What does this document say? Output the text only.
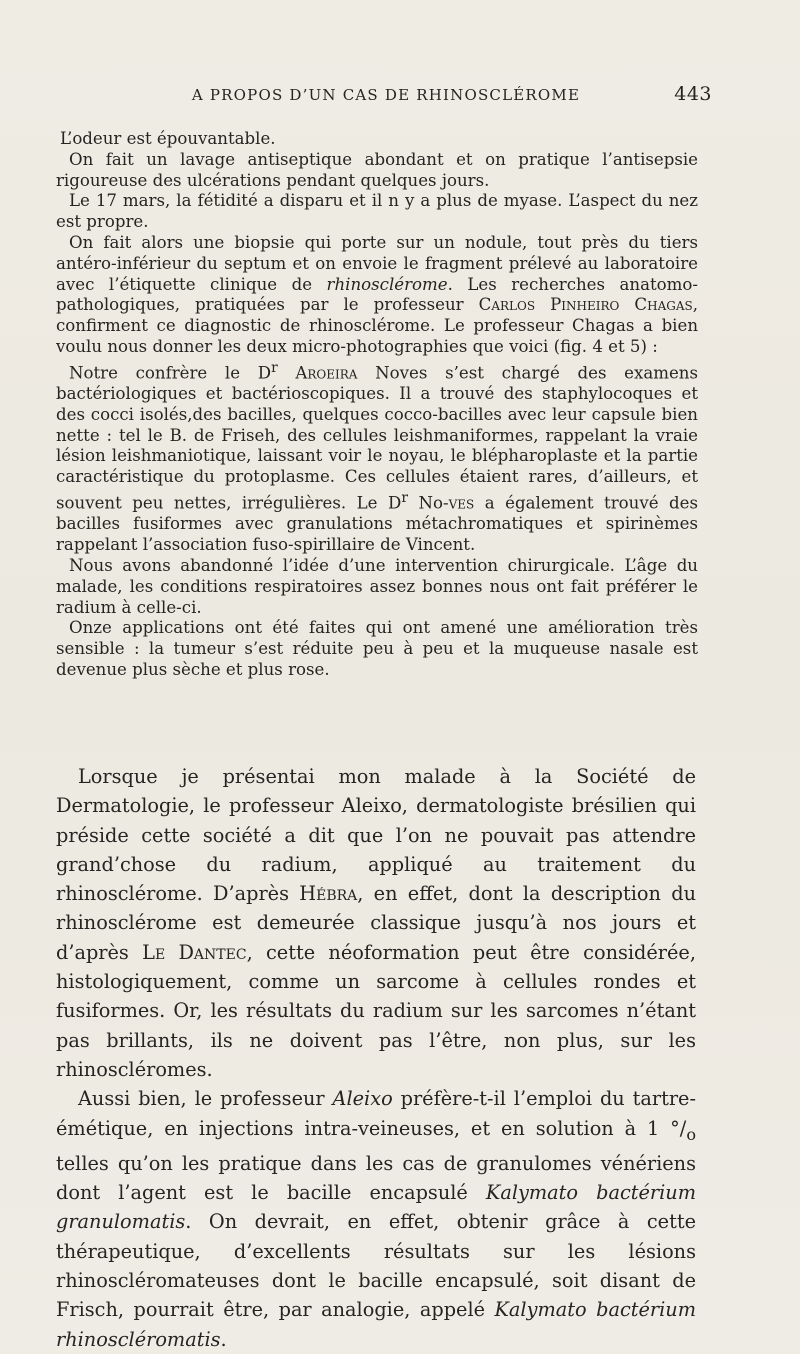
A PROPOS D’UN CAS DE RHINOSCLÉROME	443

L’odeur est épouvantable.

On fait un lavage antiseptique abondant et on pratique l’antisepsie rigoureuse des ulcérations pendant quelques jours.

Le 17 mars, la fétidité a disparu et il n y a plus de myase. L’aspect du nez est propre.

On fait alors une biopsie qui porte sur un nodule, tout près du tiers antéro-inférieur du septum et on envoie le fragment prélevé au laboratoire avec l’étiquette clinique de rhinosclérome. Les recherches anatomo-pathologiques, pratiquées par le professeur Carlos Pinheiro Chagas, confirment ce diagnostic de rhinosclérome. Le professeur Chagas a bien voulu nous donner les deux micro-photographies que voici (fig. 4 et 5) :

Notre confrère le $D^r$ Aroeira Noves s’est chargé des examens bactériologiques et bactérioscopiques. Il a trouvé des staphylocoques et des cocci isolés,des bacilles, quelques cocco-bacilles avec leur capsule bien nette : tel le B. de Friseh, des cellules leishmaniformes, rappelant la vraie lésion leishmaniotique, laissant voir le noyau, le blépharoplaste et la partie caractéristique du protoplasme. Ces cellules étaient rares, d’ailleurs, et souvent peu nettes, irrégulières. Le $D^r$ No-ves a également trouvé des bacilles fusiformes avec granulations métachromatiques et spirinèmes rappelant l’association fuso-spirillaire de Vincent.

Nous avons abandonné l’idée d’une intervention chirurgicale. L’âge du malade, les conditions respiratoires assez bonnes nous ont fait préférer le radium à celle-ci.

Onze applications ont été faites qui ont amené une amélioration très sensible : la tumeur s’est réduite peu à peu et la muqueuse nasale est devenue plus sèche et plus rose.

Lorsque je présentai mon malade à la Société de Dermatologie, le professeur Aleixo, dermatologiste brésilien qui préside cette société a dit que l’on ne pouvait pas attendre grand’chose du radium, appliqué au traitement du rhinosclérome. D’après Hébra, en effet, dont la description du rhinosclérome est demeurée classique jusqu’à nos jours et d’après Le Dantec, cette néoformation peut être considérée, histologiquement, comme un sarcome à cellules rondes et fusiformes. Or, les résultats du radium sur les sarcomes n’étant pas brillants, ils ne doivent pas l’être, non plus, sur les rhinoscléromes.

Aussi bien, le professeur Aleixo préfère-t-il l’emploi du tartre-émétique, en injections intra-veineuses, et en solution à 1 $^\circ/_o$ telles qu’on les pratique dans les cas de granulomes vénériens dont l’agent est le bacille encapsulé Kalymato bactérium granulomatis. On devrait, en effet, obtenir grâce à cette thérapeutique, d’excellents résultats sur les lésions rhinoscléromateuses dont le bacille encapsulé, soit disant de Frisch, pourrait être, par analogie, appelé Kalymato bactérium rhinoscléromatis.
